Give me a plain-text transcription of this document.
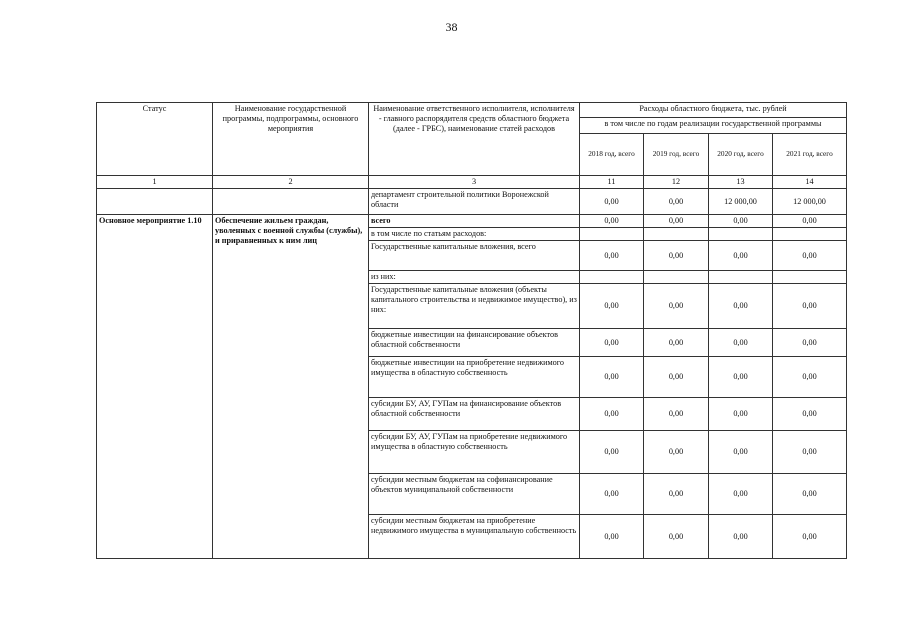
38
Статус	Наименование государственной программы, подпрограммы, основного мероприятия	Наименование ответственного исполнителя, исполнителя - главного распорядителя средств областного бюджета (далее - ГРБС), наименование статей расходов	Расходы областного бюджета, тыс. рублей			
			в том числе по годам реализации государственной программы			
			2018 год, всего	2019 год, всего	2020 год, всего	2021 год, всего
1	2	3	11	12	13	14
		департамент строительной политики Воронежской области	0,00	0,00	12 000,00	12 000,00
Основное мероприятие 1.10	Обеспечение жильем граждан, уволенных с военной службы (службы), и приравненных к ним лиц	всего	0,00	0,00	0,00	0,00
		в том числе по статьям расходов:				
		Государственные капитальные вложения, всего	0,00	0,00	0,00	0,00
		из них:				
		Государственные капитальные вложения (объекты капитального строительства и недвижимое имущество), из них:	0,00	0,00	0,00	0,00
		бюджетные инвестиции на финансирование объектов областной собственности	0,00	0,00	0,00	0,00
		бюджетные инвестиции на приобретение недвижимого имущества в областную собственность	0,00	0,00	0,00	0,00
		субсидии БУ, АУ, ГУПам на финансирование объектов областной собственности	0,00	0,00	0,00	0,00
		субсидии БУ, АУ, ГУПам на приобретение недвижимого имущества в областную собственность	0,00	0,00	0,00	0,00
		субсидии местным бюджетам на софинансирование объектов муниципальной собственности	0,00	0,00	0,00	0,00
		субсидии местным бюджетам на приобретение недвижимого имущества в муниципальную собственность	0,00	0,00	0,00	0,00
